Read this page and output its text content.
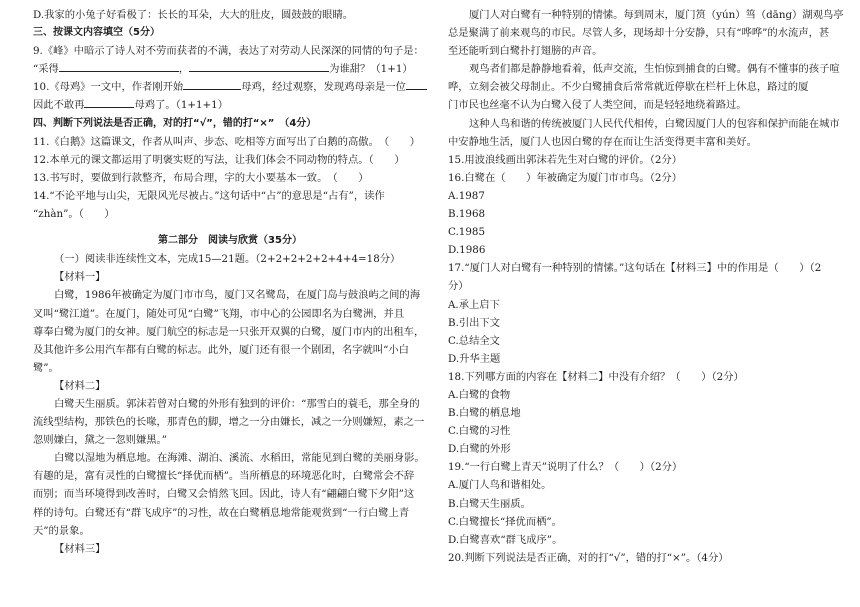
D.我家的小兔子好看极了：长长的耳朵，大大的肚皮，圆鼓鼓的眼睛。
三、按课文内容填空（5分）
9.《峰》中暗示了诗人对不劳而获者的不满，表达了对劳动人民深深的同情的句子是：
“采得	，	为谁甜？（1+1）
10.《母鸡》一文中，作者刚开始	母鸡，经过观察，发现鸡母亲是一位
因此不敢再	母鸡了。（1+1+1）
四、判断下列说法是否正确，对的打“√”，错的打“×”　（4分）
11.《白鹅》这篇课文，作者从叫声、步态、吃相等方面写出了白鹅的高傲。　（　　）
12.本单元的课文都运用了明褒实贬的写法，让我们体会不同动物的特点。（　　）
13.书写时，要做到行款整齐，布局合理，字的大小要基本一致。　（　　）
14.“不论平地与山尖，无限风光尽被占。”这句话中“占”的意思是“占有”，读作
“zhàn”。（　　）
第二部分　阅读与欣赏（35分）
（一）阅读非连续性文本，完成15—21题。（2+2+2+2+2+4+4=18分）
【材料一】
白鹭，1986年被确定为厦门市市鸟，厦门又名鹭岛，在厦门岛与鼓浪屿之间的海
叉叫“鹭江道”。在厦门，随处可见“白鹭”飞翔，市中心的公园即名为白鹭洲，并且
尊奉白鹭为厦门的女神。厦门航空的标志是一只张开双翼的白鹭，厦门市内的出租车，
及其他许多公用汽车都有白鹭的标志。此外，厦门还有很一个剧团，名字就叫“小白
鹭”。
【材料二】
白鹭天生丽质。郭沫若曾对白鹭的外形有独到的评价：“那雪白的蓑毛，那全身的
流线型结构，那铁色的长喙，那青色的脚，增之一分由嫌长，减之一分则嫌短，素之一
忽则嫌白，黛之一忽则嫌黑。”
白鹭以湿地为栖息地。在海滩、湖泊、溪流、水稻田，常能见到白鹭的美丽身影。
有趣的是，富有灵性的白鹭擅长“择优而栖”。当所栖息的环境恶化时，白鹭常会不辞
而别；而当环境得到改善时，白鹭又会悄然飞回。因此，诗人有“翩翩白鹭下夕阳”这
样的诗句。白鹭还有“群飞成序”的习性，故在白鹭栖息地常能观赏到“一行白鹭上青
天”的景象。
【材料三】
厦门人对白鹭有一种特别的情愫。每到周末，厦门筼（yún）筜（dāng）湖观鸟亭
总是聚满了前来观鸟的市民。尽管人多，现场却十分安静，只有“哗哗”的水流声，甚
至还能听到白鹭扑打翅膀的声音。
观鸟者们都是静静地看着，低声交流，生怕惊到捕食的白鹭。偶有不懂事的孩子喧
哗，立刻会被父母制止。不少白鹭捕食后常常就近停歇在栏杆上休息，路过的厦
门市民也丝毫不认为白鹭入侵了人类空间，而是轻轻地绕着路过。
这种人鸟和谐的传统被厦门人民代代相传，白鹭因厦门人的包容和保护而能在城市
中安静地生活，厦门人也因白鹭的存在而让生活变得更丰富和美好。
15.用波浪线画出郭沫若先生对白鹭的评价。（2分）
16.白鹭在（　　）年被确定为厦门市市鸟。（2分）
A.1987
B.1968
C.1985
D.1986
17.“厦门人对白鹭有一种特别的情愫。”这句话在【材料三】中的作用是（　　）（2
分）
A.承上启下
B.引出下文
C.总结全文
D.升华主题
18.下列哪方面的内容在【材料二】中没有介绍？（　　）（2分）
A.白鹭的食物
B.白鹭的栖息地
C.白鹭的习性
D.白鹭的外形
19.“一行白鹭上青天”说明了什么？（　　）（2分）
A.厦门人鸟和谐相处。
B.白鹭天生丽质。
C.白鹭擅长“择优而栖”。
D.白鹭喜欢“群飞成序”。
20.判断下列说法是否正确，对的打“√”，错的打“×”。（4分）
